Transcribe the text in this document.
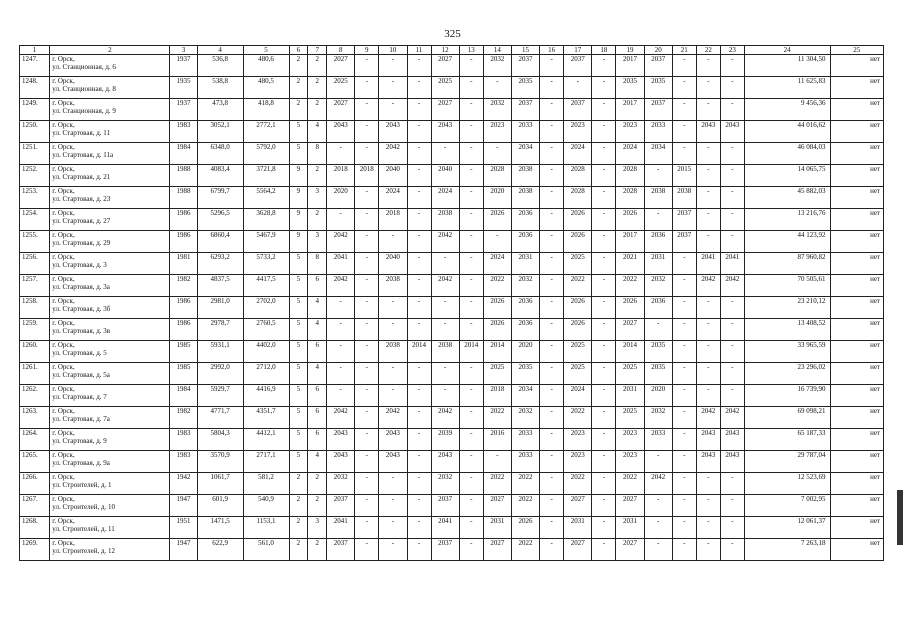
325
1	2	3	4	5	6	7	8	9	10	11	12	13	14	15	16	17	18	19	20	21	22	23	24	25
1247.	г. Орск,
ул. Станционная, д. 6	1937	536,8	480,6	2	2	2027	-	-	-	2027	-	2032	2037	-	2037	-	2017	2037	-	-	-	11 304,50	нет
1248.	г. Орск,
ул. Станционная, д. 8	1935	538,8	480,5	2	2	2025	-	-	-	2025	-	-	2035	-	-	-	2035	2035	-	-	-	11 625,83	нет
1249.	г. Орск,
ул. Станционная, д. 9	1937	473,8	418,8	2	2	2027	-	-	-	2027	-	2032	2037	-	2037	-	2017	2037	-	-	-	9 456,36	нет
1250.	г. Орск,
ул. Стартовая, д. 11	1983	3052,1	2772,1	5	4	2043	-	2043	-	2043	-	2023	2033	-	2023	-	2023	2033	-	2043	2043	44 016,62	нет
1251.	г. Орск,
ул. Стартовая, д. 11а	1984	6348,0	5792,0	5	8	-	-	2042	-	-	-	-	2034	-	2024	-	2024	2034	-	-	-	46 084,03	нет
1252.	г. Орск,
ул. Стартовая, д. 21	1988	4083,4	3721,8	9	2	2018	2018	2040	-	2040	-	2028	2038	-	2028	-	2028	-	2015	-	-	14 065,75	нет
1253.	г. Орск,
ул. Стартовая, д. 23	1988	6799,7	5564,2	9	3	2020	-	2024	-	2024	-	2020	2038	-	2028	-	2028	2038	2038	-	-	45 882,03	нет
1254.	г. Орск,
ул. Стартовая, д. 27	1986	5296,5	3628,8	9	2	-	-	2018	-	2038	-	2026	2036	-	2026	-	2026	-	2037	-	-	13 216,76	нет
1255.	г. Орск,
ул. Стартовая, д. 29	1986	6860,4	5467,9	9	3	2042	-	-	-	2042	-	-	2036	-	2026	-	2017	2036	2037	-	-	44 123,92	нет
1256.	г. Орск,
ул. Стартовая, д. 3	1981	6293,2	5733,2	5	8	2041	-	2040	-	-	-	2024	2031	-	2025	-	2021	2031	-	2041	2041	87 960,82	нет
1257.	г. Орск,
ул. Стартовая, д. 3а	1982	4837,5	4417,5	5	6	2042	-	2038	-	2042	-	2022	2032	-	2022	-	2022	2032	-	2042	2042	70 505,61	нет
1258.	г. Орск,
ул. Стартовая, д. 3б	1986	2981,0	2702,0	5	4	-	-	-	-	-	-	2026	2036	-	2026	-	2026	2036	-	-	-	23 210,12	нет
1259.	г. Орск,
ул. Стартовая, д. 3в	1986	2978,7	2760,5	5	4	-	-	-	-	-	-	2026	2036	-	2026	-	2027	-	-	-	-	13 408,52	нет
1260.	г. Орск,
ул. Стартовая, д. 5	1985	5931,1	4402,0	5	6	-	-	2038	2014	2038	2014	2014	2020	-	2025	-	2014	2035	-	-	-	33 965,59	нет
1261.	г. Орск,
ул. Стартовая, д. 5а	1985	2992,0	2712,0	5	4	-	-	-	-	-	-	2025	2035	-	2025	-	2025	2035	-	-	-	23 296,02	нет
1262.	г. Орск,
ул. Стартовая, д. 7	1984	5929,7	4416,9	5	6	-	-	-	-	-	-	2018	2034	-	2024	-	2031	2020	-	-	-	16 739,90	нет
1263.	г. Орск,
ул. Стартовая, д. 7а	1982	4771,7	4351,7	5	6	2042	-	2042	-	2042	-	2022	2032	-	2022	-	2025	2032	-	2042	2042	69 098,21	нет
1264.	г. Орск,
ул. Стартовая, д. 9	1983	5804,3	4412,1	5	6	2043	-	2043	-	2039	-	2016	2033	-	2023	-	2023	2033	-	2043	2043	65 187,33	нет
1265.	г. Орск,
ул. Стартовая, д. 9а	1983	3570,9	2717,1	5	4	2043	-	2043	-	2043	-	-	2033	-	2023	-	2023	-	-	2043	2043	29 787,04	нет
1266.	г. Орск,
ул. Строителей, д. 1	1942	1061,7	581,2	2	2	2032	-	-	-	2032	-	2022	2022	-	2022	-	2022	2042	-	-	-	12 523,69	нет
1267.	г. Орск,
ул. Строителей, д. 10	1947	601,9	540,9	2	2	2037	-	-	-	2037	-	2027	2022	-	2027	-	2027	-	-	-	-	7 002,95	нет
1268.	г. Орск,
ул. Строителей, д. 11	1951	1471,5	1153,1	2	3	2041	-	-	-	2041	-	2031	2026	-	2031	-	2031	-	-	-	-	12 061,37	нет
1269.	г. Орск,
ул. Строителей, д. 12	1947	622,9	561,0	2	2	2037	-	-	-	2037	-	2027	2022	-	2027	-	2027	-	-	-	-	7 263,18	нет
